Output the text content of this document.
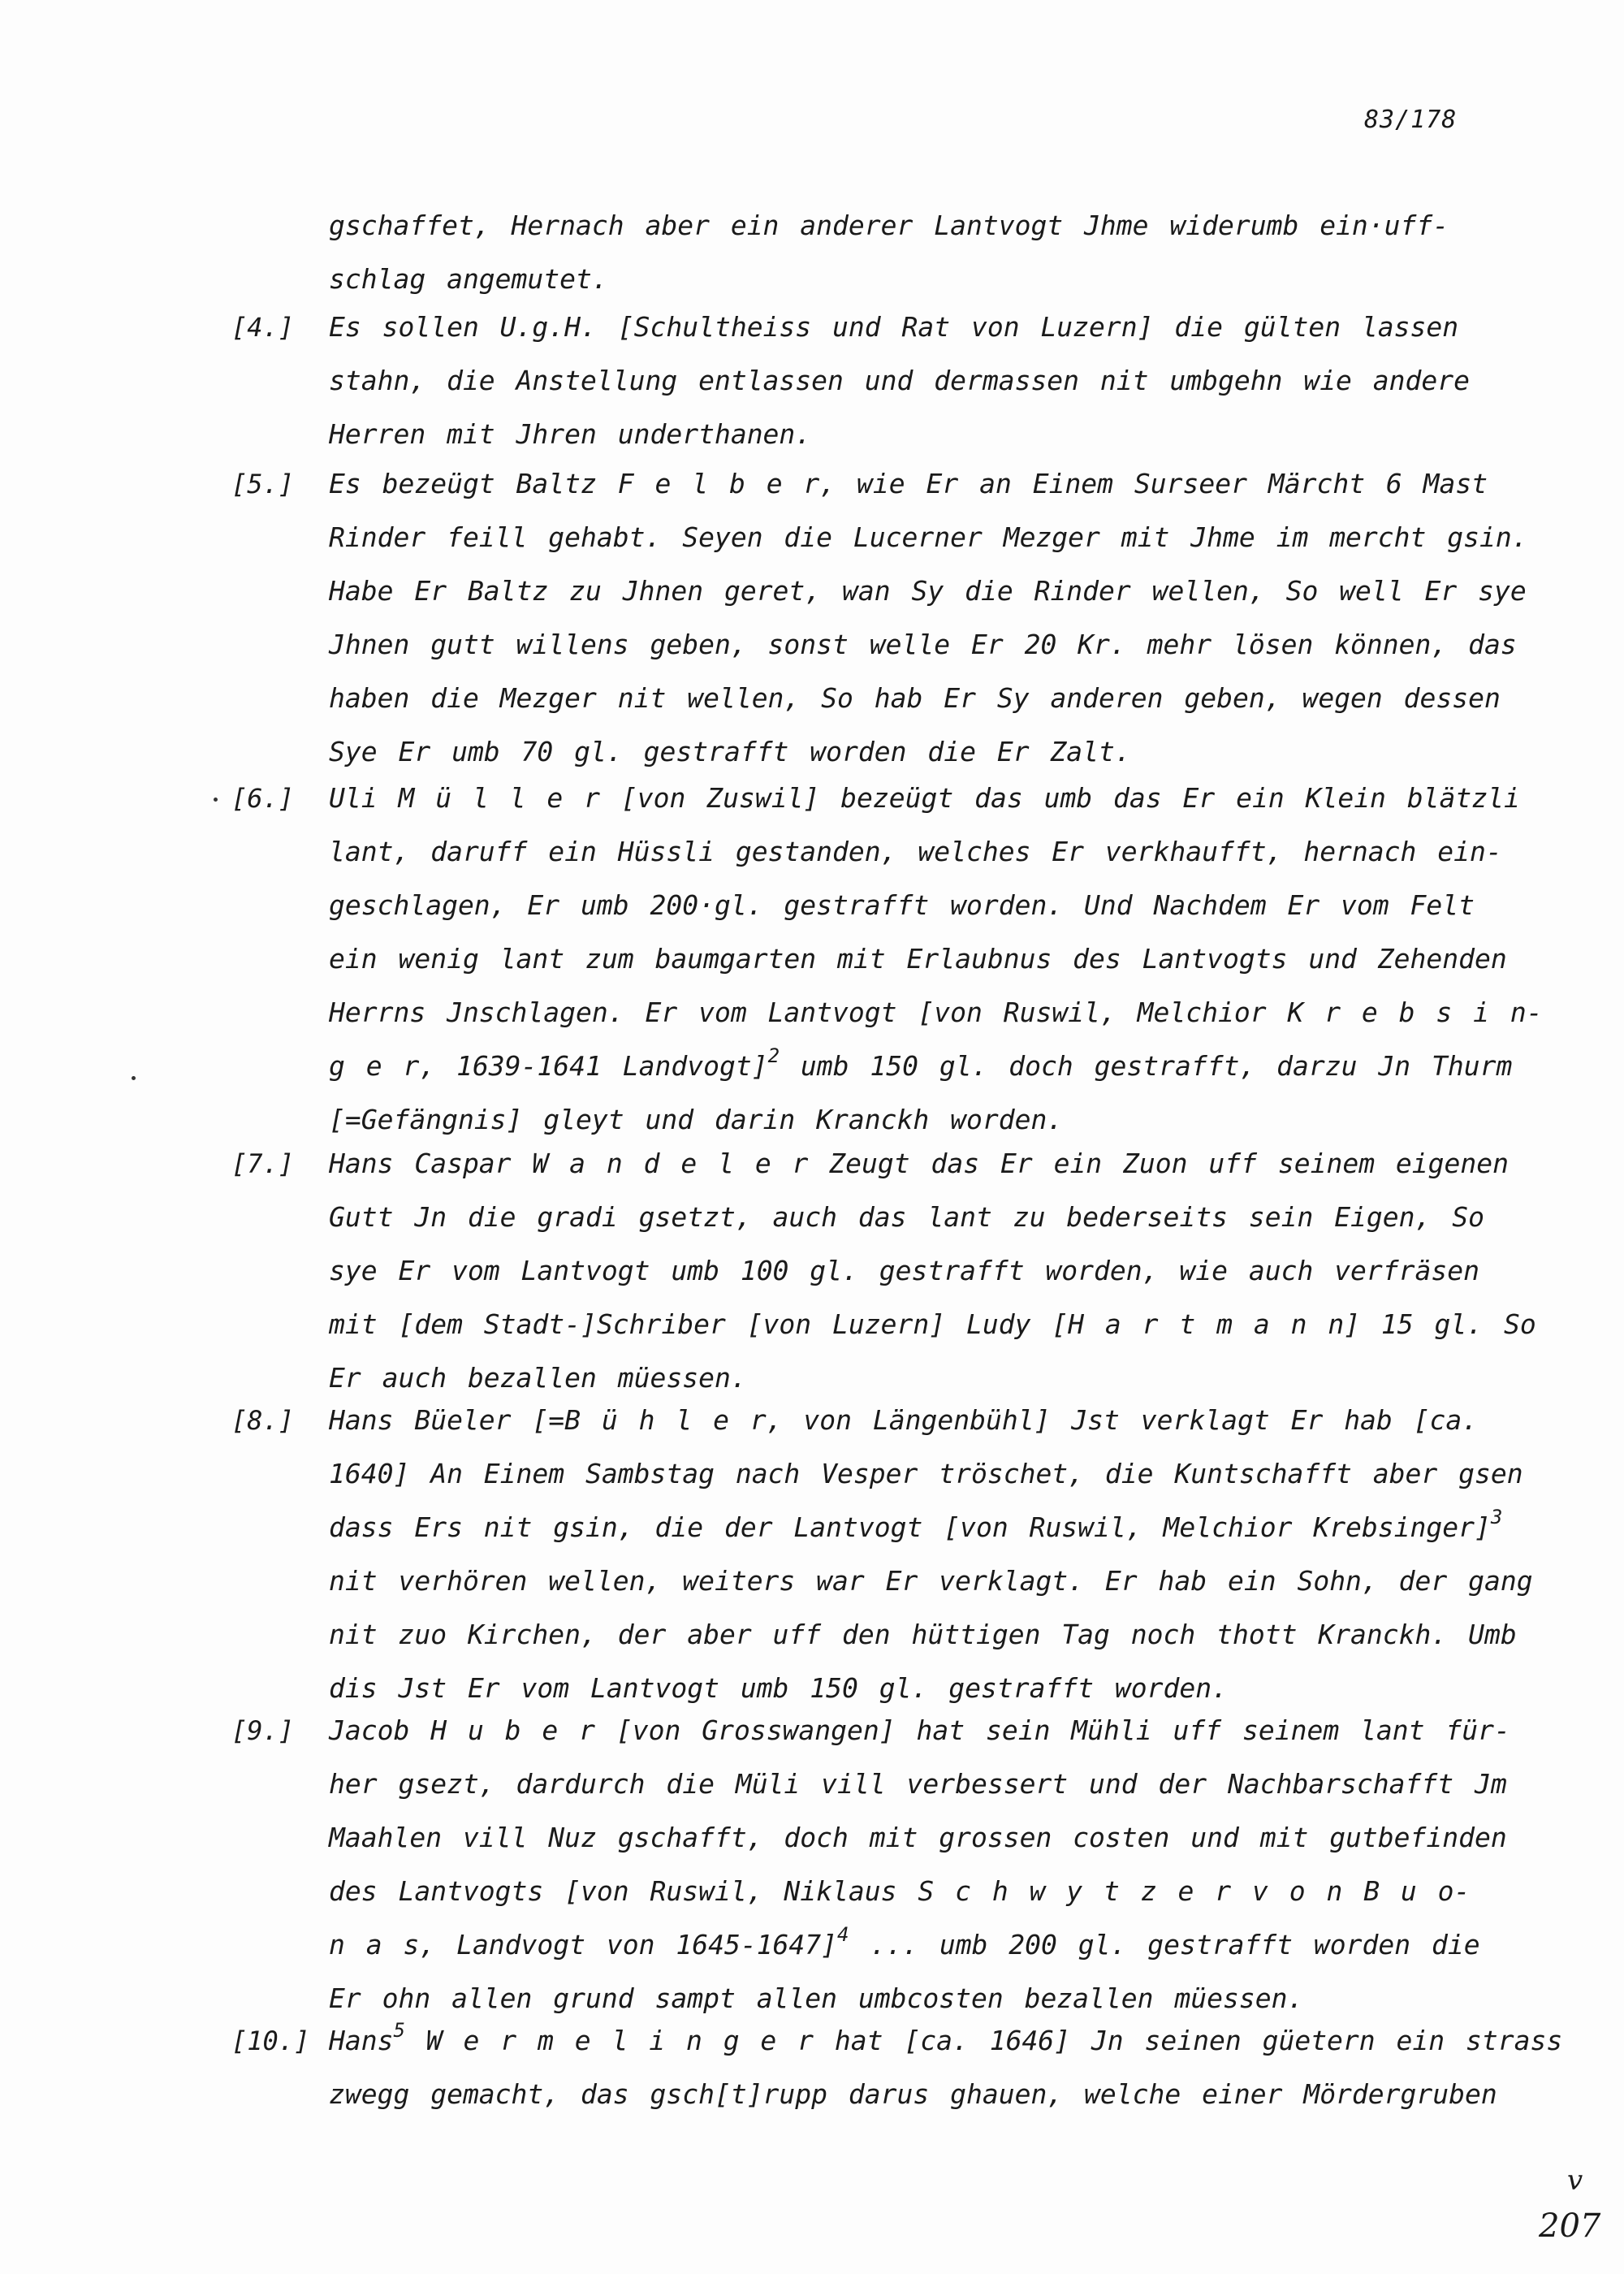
83/178
gschaffet, Hernach aber ein anderer Lantvogt Jhme widerumb ein·uff-
schlag angemutet.
[4.] Es sollen U.g.H. [Schultheiss und Rat von Luzern] die gülten lassen
stahn, die Anstellung entlassen und dermassen nit umbgehn wie andere
Herren mit Jhren underthanen.
[5.] Es bezeügt Baltz F e l b e r, wie Er an Einem Surseer Märcht 6 Mast
Rinder feill gehabt. Seyen die Lucerner Mezger mit Jhme im mercht gsin.
Habe Er Baltz zu Jhnen geret, wan Sy die Rinder wellen, So well Er sye
Jhnen gutt willens geben, sonst welle Er 20 Kr. mehr lösen können, das
haben die Mezger nit wellen, So hab Er Sy anderen geben, wegen dessen
Sye Er umb 70 gl. gestrafft worden die Er Zalt.
[6.] Uli M ü l l e r [von Zuswil] bezeügt das umb das Er ein Klein blätzli
lant, daruff ein Hüssli gestanden, welches Er verkhaufft, hernach ein-
geschlagen, Er umb 200·gl. gestrafft worden. Und Nachdem Er vom Felt
ein wenig lant zum baumgarten mit Erlaubnus des Lantvogts und Zehenden
Herrns Jnschlagen. Er vom Lantvogt [von Ruswil, Melchior K r e b s i n-
g e r, 1639-1641 Landvogt]$^2$ umb 150 gl. doch gestrafft, darzu Jn Thurm
[=Gefängnis] gleyt und darin Kranckh worden.
[7.] Hans Caspar W a n d e l e r Zeugt das Er ein Zuon uff seinem eigenen
Gutt Jn die gradi gsetzt, auch das lant zu bederseits sein Eigen, So
sye Er vom Lantvogt umb 100 gl. gestrafft worden, wie auch verfräsen
mit [dem Stadt-]Schriber [von Luzern] Ludy [H a r t m a n n] 15 gl. So
Er auch bezallen müessen.
[8.] Hans Büeler [=B ü h l e r, von Längenbühl] Jst verklagt Er hab [ca.
1640] An Einem Sambstag nach Vesper tröschet, die Kuntschafft aber gsen
dass Ers nit gsin, die der Lantvogt [von Ruswil, Melchior Krebsinger]$^3$
nit verhören wellen, weiters war Er verklagt. Er hab ein Sohn, der gang
nit zuo Kirchen, der aber uff den hüttigen Tag noch thott Kranckh. Umb
dis Jst Er vom Lantvogt umb 150 gl. gestrafft worden.
[9.] Jacob H u b e r [von Grosswangen] hat sein Mühli uff seinem lant für-
her gsezt, dardurch die Müli vill verbessert und der Nachbarschafft Jm
Maahlen vill Nuz gschafft, doch mit grossen costen und mit gutbefinden
des Lantvogts [von Ruswil, Niklaus S c h w y t z e r v o n B u o-
n a s, Landvogt von 1645-1647]$^4$ ... umb 200 gl. gestrafft worden die
Er ohn allen grund sampt allen umbcosten bezallen müessen.
[10.] Hans$^5$ W e r m e l i n g e r hat [ca. 1646] Jn seinen güetern ein strass
zwegg gemacht, das gsch[t]rupp darus ghauen, welche einer Mördergruben
v
207
